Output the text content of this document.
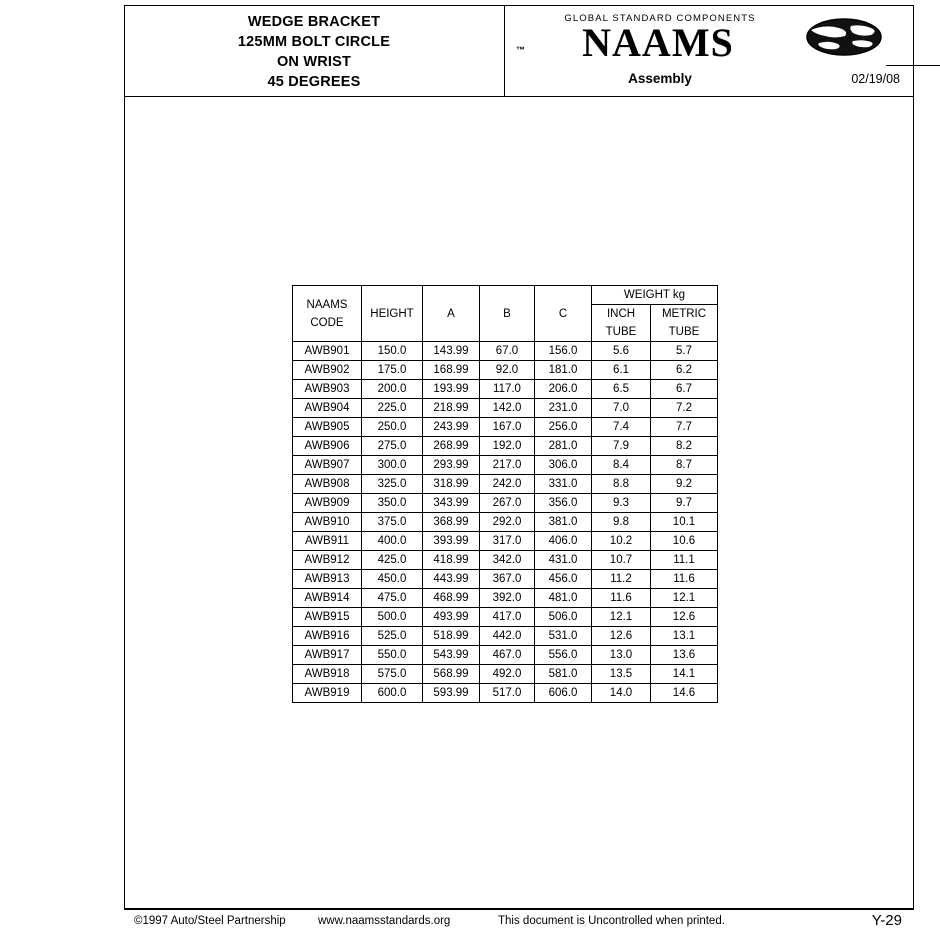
WEDGE BRACKET
125MM BOLT CIRCLE
ON WRIST
45 DEGREES
GLOBAL STANDARD COMPONENTS
™	NAAMS
Assembly	02/19/08
NAAMS
CODE	HEIGHT	A	B	C	WEIGHT kg	
					INCH TUBE	METRIC TUBE
AWB901	150.0	143.99	67.0	156.0	5.6	5.7
AWB902	175.0	168.99	92.0	181.0	6.1	6.2
AWB903	200.0	193.99	117.0	206.0	6.5	6.7
AWB904	225.0	218.99	142.0	231.0	7.0	7.2
AWB905	250.0	243.99	167.0	256.0	7.4	7.7
AWB906	275.0	268.99	192.0	281.0	7.9	8.2
AWB907	300.0	293.99	217.0	306.0	8.4	8.7
AWB908	325.0	318.99	242.0	331.0	8.8	9.2
AWB909	350.0	343.99	267.0	356.0	9.3	9.7
AWB910	375.0	368.99	292.0	381.0	9.8	10.1
AWB911	400.0	393.99	317.0	406.0	10.2	10.6
AWB912	425.0	418.99	342.0	431.0	10.7	11.1
AWB913	450.0	443.99	367.0	456.0	11.2	11.6
AWB914	475.0	468.99	392.0	481.0	11.6	12.1
AWB915	500.0	493.99	417.0	506.0	12.1	12.6
AWB916	525.0	518.99	442.0	531.0	12.6	13.1
AWB917	550.0	543.99	467.0	556.0	13.0	13.6
AWB918	575.0	568.99	492.0	581.0	13.5	14.1
AWB919	600.0	593.99	517.0	606.0	14.0	14.6
©1997 Auto/Steel Partnership	www.naamsstandards.org	This document is Uncontrolled when printed.	Y-29
